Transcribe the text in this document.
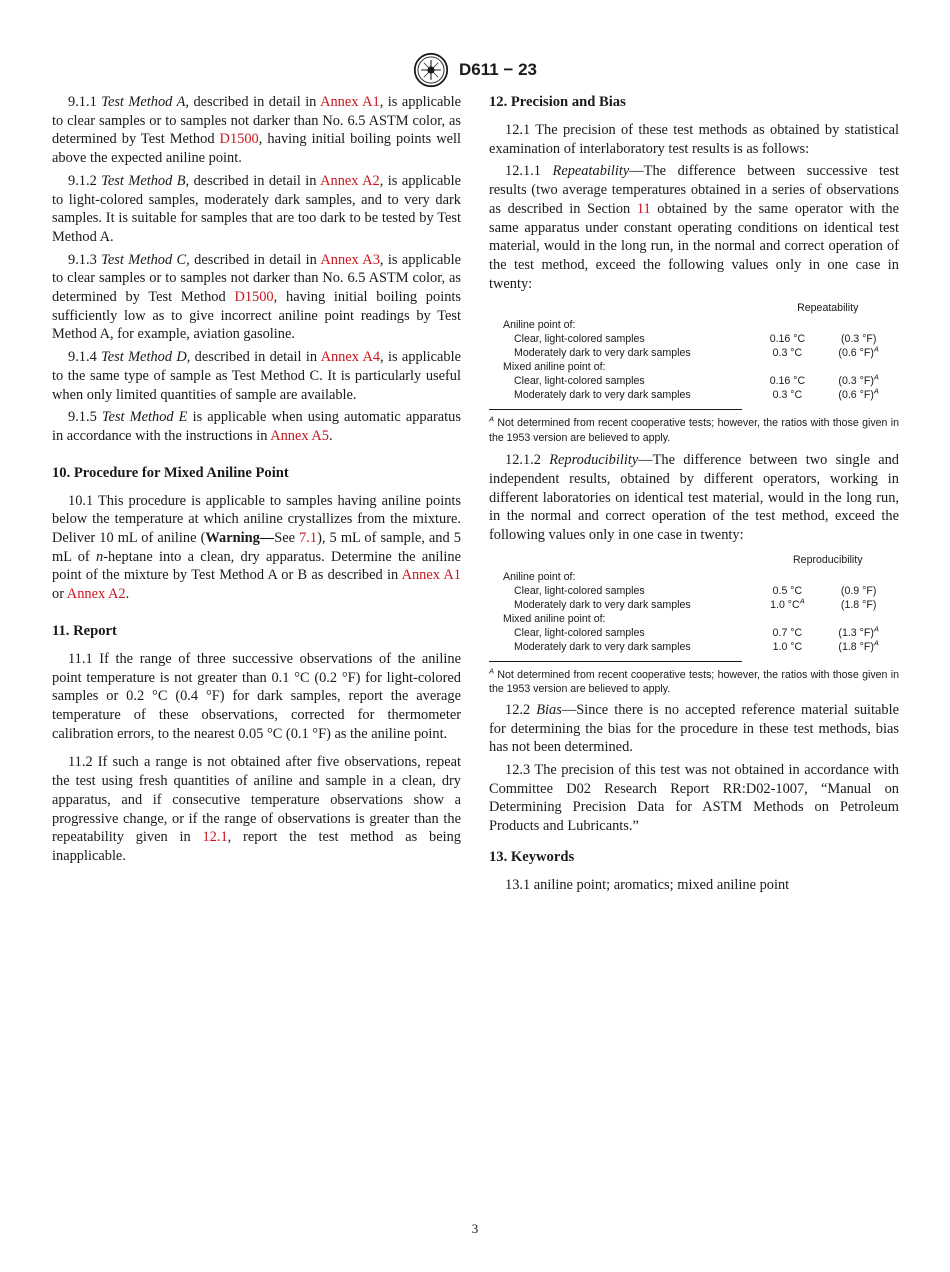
D611 − 23

9.1.1 Test Method A, described in detail in Annex A1, is applicable to clear samples or to samples not darker than No. 6.5 ASTM color, as determined by Test Method D1500, having initial boiling points well above the expected aniline point.

9.1.2 Test Method B, described in detail in Annex A2, is applicable to light-colored samples, moderately dark samples, and to very dark samples. It is suitable for samples that are too dark to be tested by Test Method A.

9.1.3 Test Method C, described in detail in Annex A3, is applicable to clear samples or to samples not darker than No. 6.5 ASTM color, as determined by Test Method D1500, having initial boiling points sufficiently low as to give incorrect aniline point readings by Test Method A, for example, aviation gasoline.

9.1.4 Test Method D, described in detail in Annex A4, is applicable to the same type of sample as Test Method C. It is particularly useful when only limited quantities of sample are available.

9.1.5 Test Method E is applicable when using automatic apparatus in accordance with the instructions in Annex A5.

10. Procedure for Mixed Aniline Point

10.1 This procedure is applicable to samples having aniline points below the temperature at which aniline crystallizes from the mixture. Deliver 10 mL of aniline (Warning—See 7.1), 5 mL of sample, and 5 mL of n-heptane into a clean, dry apparatus. Determine the aniline point of the mixture by Test Method A or B as described in Annex A1 or Annex A2.

11. Report

11.1 If the range of three successive observations of the aniline point temperature is not greater than 0.1 °C (0.2 °F) for light-colored samples or 0.2 °C (0.4 °F) for dark samples, report the average temperature of these observations, corrected for thermometer calibration errors, to the nearest 0.05 °C (0.1 °F) as the aniline point.

11.2 If such a range is not obtained after five observations, repeat the test using fresh quantities of aniline and sample in a clean, dry apparatus, and if consecutive temperature observations show a progressive change, or if the range of observations is greater than the repeatability given in 12.1, report the test method as being inapplicable.

12. Precision and Bias

12.1 The precision of these test methods as obtained by statistical examination of interlaboratory test results is as follows:

12.1.1 Repeatability—The difference between successive test results (two average temperatures obtained in a series of observations as described in Section 11 obtained by the same operator with the same apparatus under constant operating conditions on identical test material, would in the long run, in the normal and correct operation of the test method, exceed the following values only in one case in twenty:

	Repeatability	
Aniline point of:		
Clear, light-colored samples	0.16 °C	(0.3 °F)
Moderately dark to very dark samples	0.3 °C	(0.6 °F)$^A$
Mixed aniline point of:		
Clear, light-colored samples	0.16 °C	(0.3 °F)$^A$
Moderately dark to very dark samples	0.3 °C	(0.6 °F)$^A$
$^A$ Not determined from recent cooperative tests; however, the ratios with those given in the 1953 version are believed to apply.

12.1.2 Reproducibility—The difference between two single and independent results, obtained by different operators, working in different laboratories on identical test material, would in the long run, in the normal and correct operation of the test method, exceed the following values only in one case in twenty:

	Reproducibility	
Aniline point of:		
Clear, light-colored samples	0.5 °C	(0.9 °F)
Moderately dark to very dark samples	1.0 $^\circ C^A$	(1.8 °F)
Mixed aniline point of:		
Clear, light-colored samples	0.7 °C	(1.3 °F)$^A$
Moderately dark to very dark samples	1.0 °C	(1.8 °F)$^A$
$^A$ Not determined from recent cooperative tests; however, the ratios with those given in the 1953 version are believed to apply.

12.2 Bias—Since there is no accepted reference material suitable for determining the bias for the procedure in these test methods, bias has not been determined.

12.3 The precision of this test was not obtained in accordance with Committee D02 Research Report RR:D02-1007, “Manual on Determining Precision Data for ASTM Methods on Petroleum Products and Lubricants.”

13. Keywords

13.1 aniline point; aromatics; mixed aniline point

3
